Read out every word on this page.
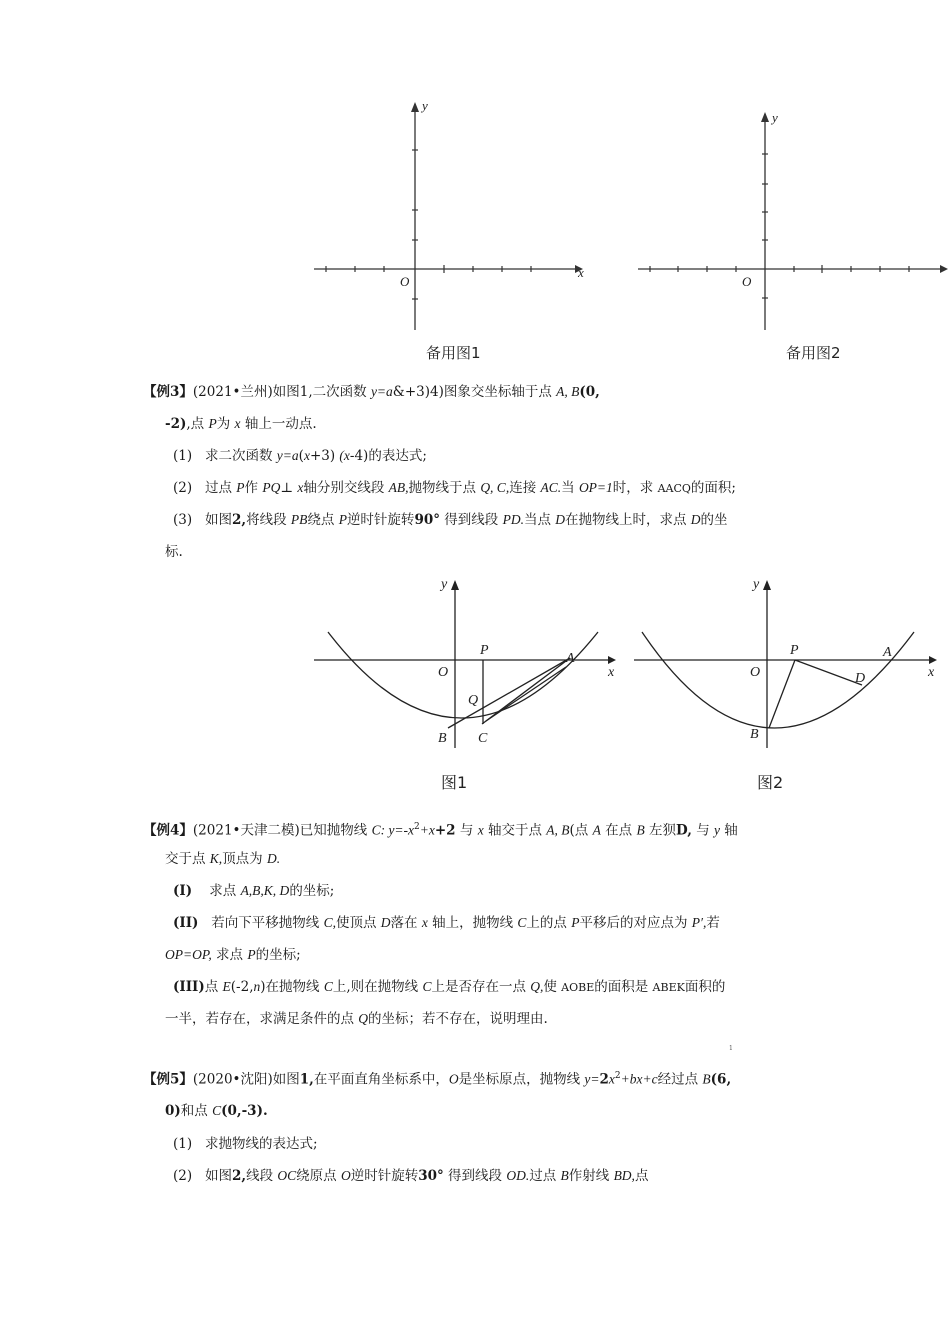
x
y
O
备用图1
y
O
备用图2
【例3】(2021•兰州)如图1,二次函数 y=a&+3)4)图象交坐标轴于点 A, B(0,
-2),点 P为 x 轴上一动点.
(1) 求二次函数 y=a(x+3) (x-4)的表达式;
(2) 过点 P作 PQ⊥ x轴分别交线段 AB,抛物线于点 Q, C,连接 AC.当 OP=1时，求 AACQ的面积;
(3) 如图2,将线段 PB绕点 P逆时针旋转90° 得到线段 PD.当点 D在抛物线上时，求点 D的坐
标.
y
x
O
P
A
Q
B C
图1
y
x
O
P	A
D
B
图2
【例4】(2021•天津二模)已知抛物线 C: $y=-x^2+x+2$ 与 x 轴交于点 A, B(点 A 在点 B 左狈D, 与 y 轴
交于点 K,顶点为 D.
(I) 求点 A,B,K, D的坐标;
(II) 若向下平移抛物线 C,使顶点 D落在 x 轴上，抛物线 C上的点 P平移后的对应点为 P′,若
OP=OP, 求点 P的坐标;
(III)点 E(-2,n)在抛物线 C上,则在抛物线 C上是否存在一点 Q,使 AOBE的面积是 ABEK面积的
一半，若存在，求满足条件的点 Q的坐标；若不存在，说明理由.
1
【例5】(2020•沈阳)如图1,在平面直角坐标系中，O是坐标原点，抛物线 $y=2x^2+bx+c$经过点 B(6,
0)和点 C(0,-3).
(1) 求抛物线的表达式;
(2) 如图2,线段 OC绕原点 O逆时针旋转30° 得到线段 OD.过点 B作射线 BD,点
